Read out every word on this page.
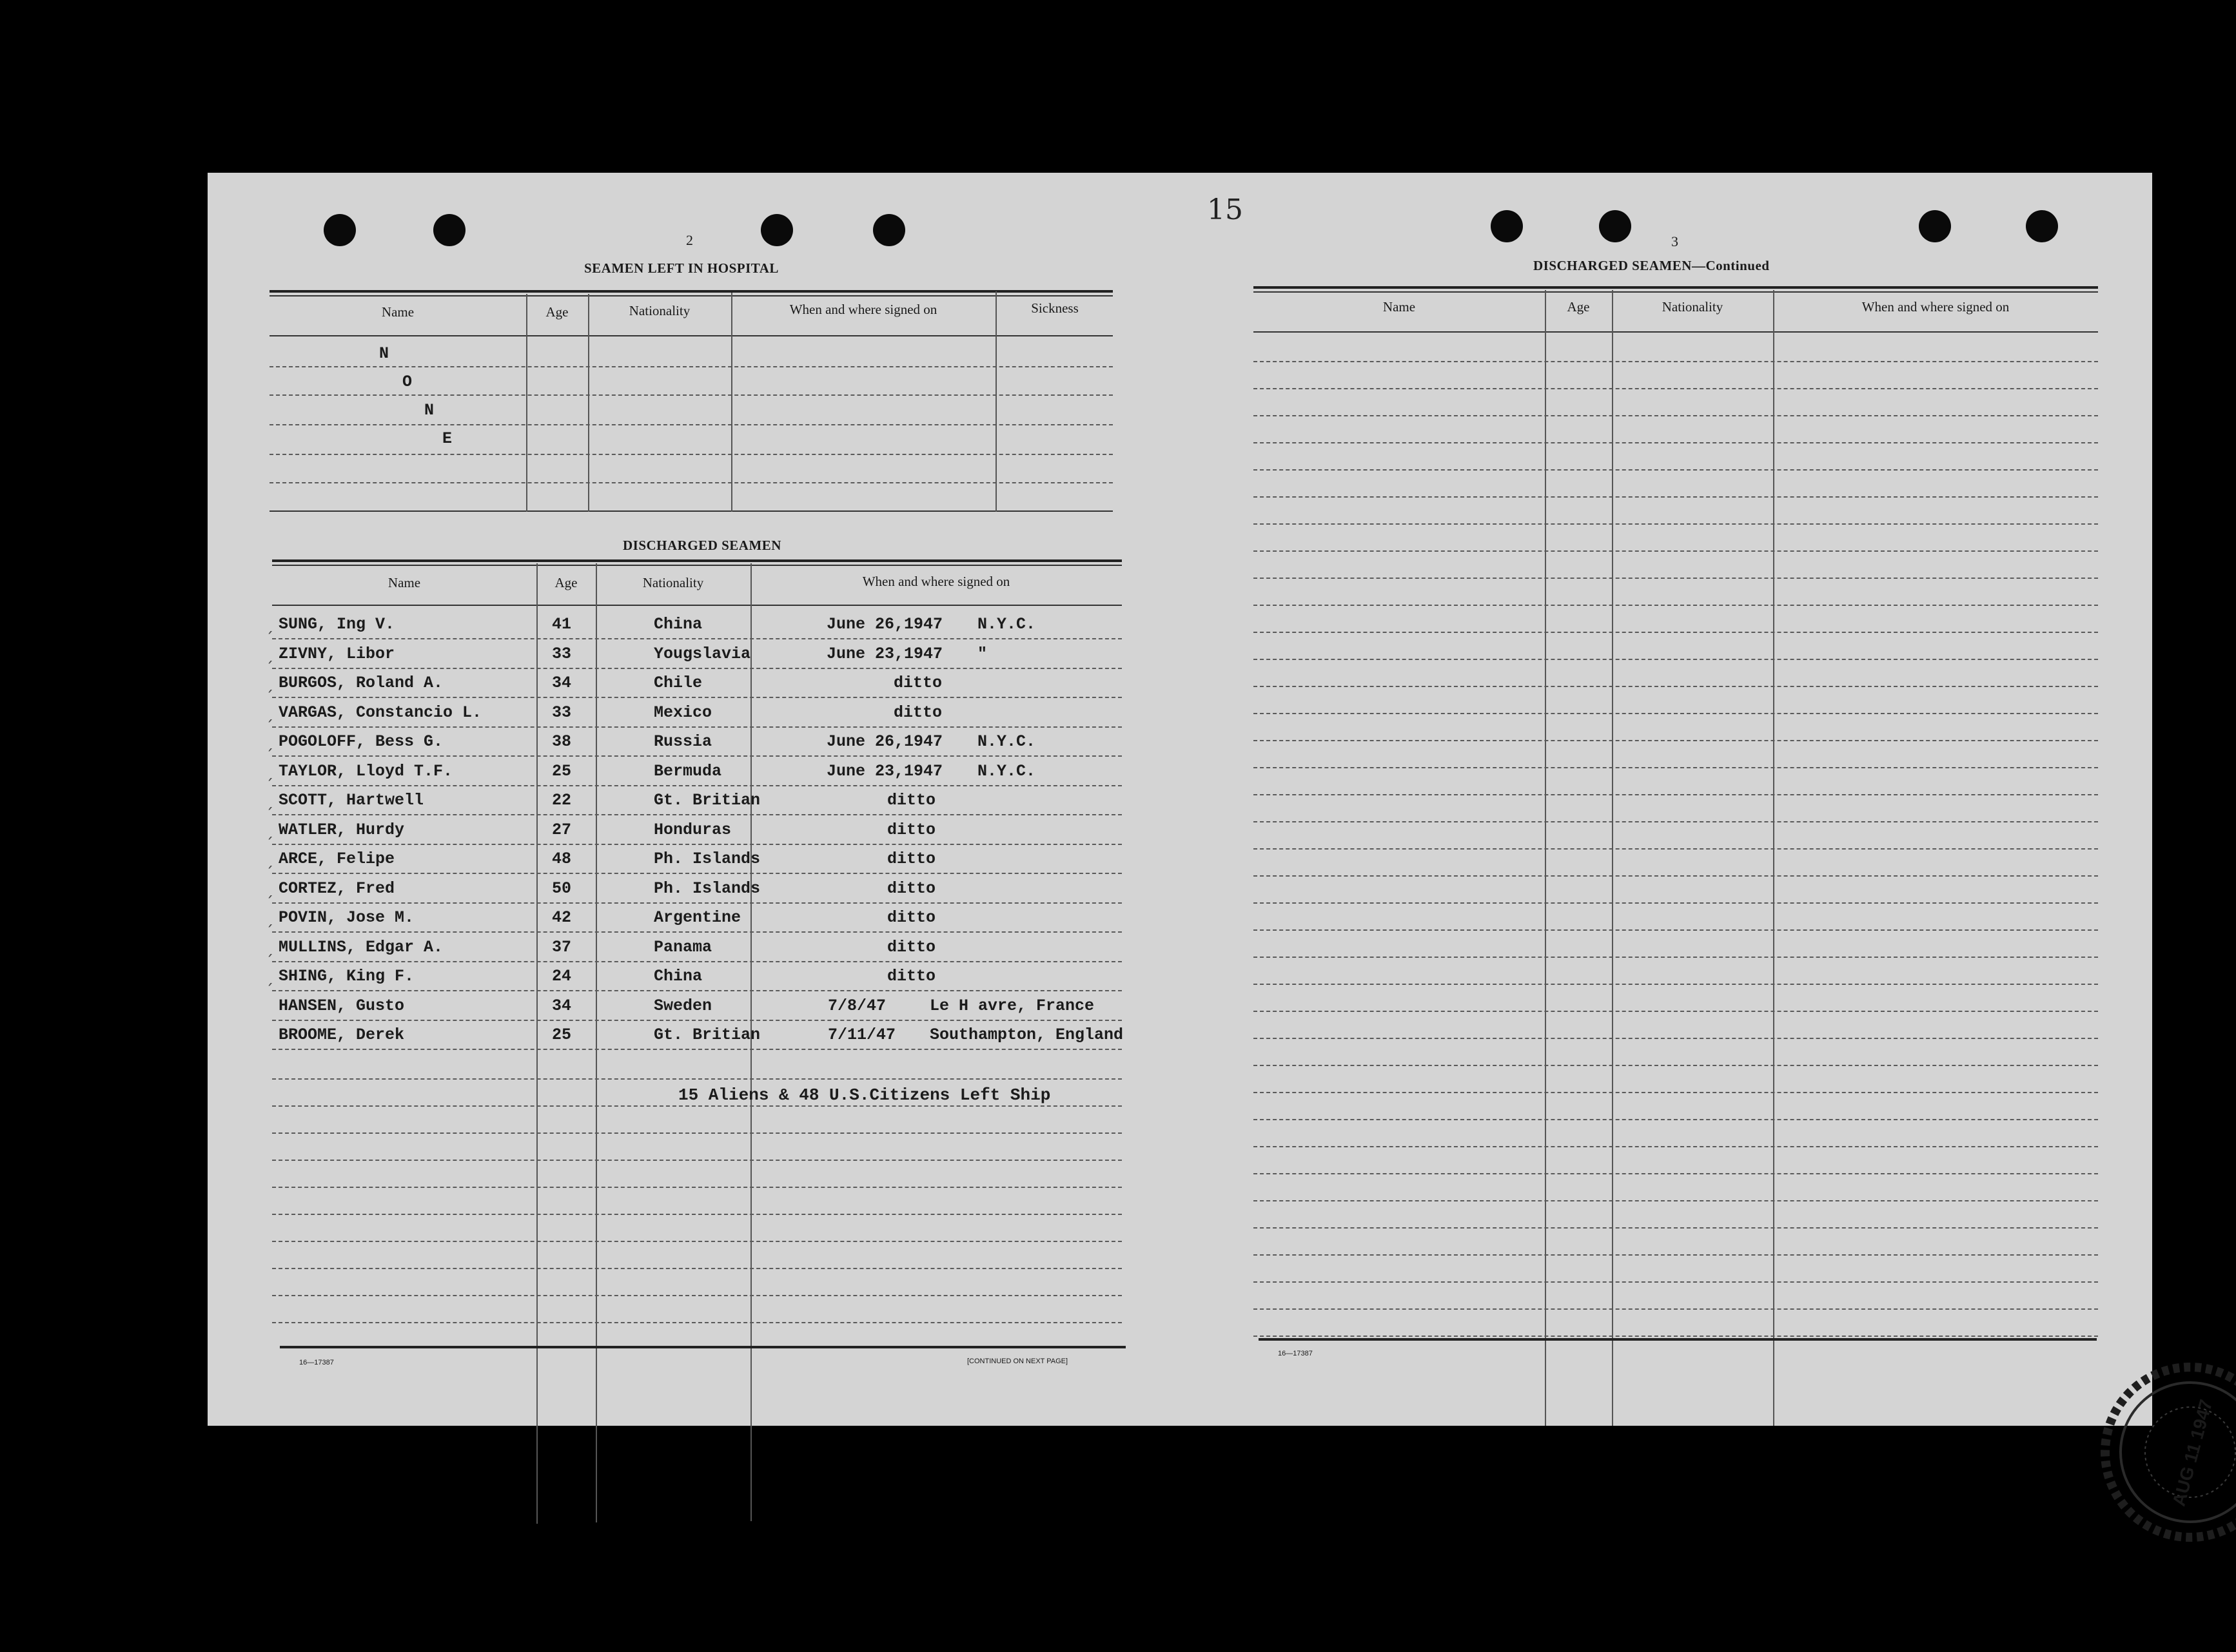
15
2
SEAMEN LEFT IN HOSPITAL
Name	Age	Nationality	When and where signed on	Sickness
N
O
N
E
DISCHARGED SEAMEN
Name	Age	Nationality	When and where signed on
SUNG, Ing V.	41	China	June 26,1947 N.Y.C.
ˏ
ZIVNY, Libor	33	Yougslavia	June 23,1947 "
ˏ
BURGOS, Roland A.	34	Chile	ditto
ˏ
VARGAS, Constancio L.	33	Mexico	ditto
ˏ
POGOLOFF, Bess G.	38	Russia	June 26,1947 N.Y.C.
ˏ
TAYLOR, Lloyd T.F.	25	Bermuda	June 23,1947 N.Y.C.
ˏ
SCOTT, Hartwell	22	Gt. Britian	ditto
ˏ
WATLER, Hurdy	27	Honduras	ditto
ˏ
ARCE, Felipe	48	Ph. Islands	ditto
ˏ
CORTEZ, Fred	50	Ph. Islands	ditto
ˏ
POVIN, Jose M.	42	Argentine	ditto
ˏ
MULLINS, Edgar A.	37	Panama	ditto
ˏ
SHING, King F.	24	China	ditto
ˏ
HANSEN, Gusto	34	Sweden	7/8/47	Le H avre, France
BROOME, Derek	25	Gt. Britian	7/11/47 Southampton, England
15 Aliens & 48 U.S.Citizens Left Ship
16—17387	[CONTINUED ON NEXT PAGE]
3
DISCHARGED SEAMEN—Continued
Name	Age	Nationality	When and where signed on
16—17387
AUG 11 1947
